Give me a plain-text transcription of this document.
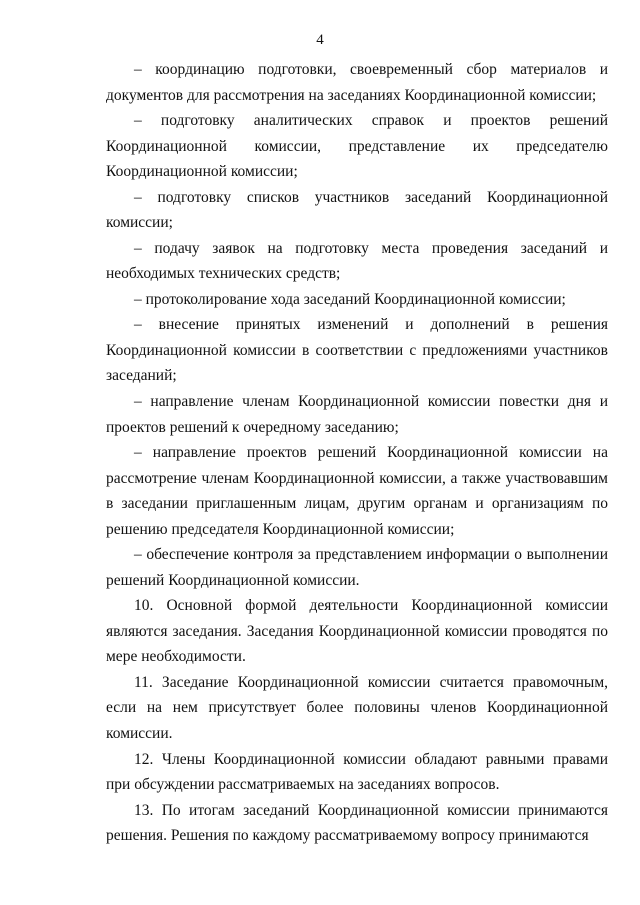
4

– координацию подготовки, своевременный сбор материалов и документов для рассмотрения на заседаниях Координационной комиссии;

– подготовку аналитических справок и проектов решений Координационной комиссии, представление их председателю Координационной комиссии;

– подготовку списков участников заседаний Координационной комиссии;

– подачу заявок на подготовку места проведения заседаний и необходимых технических средств;

– протоколирование хода заседаний Координационной комиссии;

– внесение принятых изменений и дополнений в решения Координационной комиссии в соответствии с предложениями участников заседаний;

– направление членам Координационной комиссии повестки дня и проектов решений к очередному заседанию;

– направление проектов решений Координационной комиссии на рассмотрение членам Координационной комиссии, а также участвовавшим в заседании приглашенным лицам, другим органам и организациям по решению председателя Координационной комиссии;

– обеспечение контроля за представлением информации о выполнении решений Координационной комиссии.

10. Основной формой деятельности Координационной комиссии являются заседания. Заседания Координационной комиссии проводятся по мере необходимости.

11. Заседание Координационной комиссии считается правомочным, если на нем присутствует более половины членов Координационной комиссии.

12. Члены Координационной комиссии обладают равными правами при обсуждении рассматриваемых на заседаниях вопросов.

13. По итогам заседаний Координационной комиссии принимаются решения. Решения по каждому рассматриваемому вопросу принимаются
